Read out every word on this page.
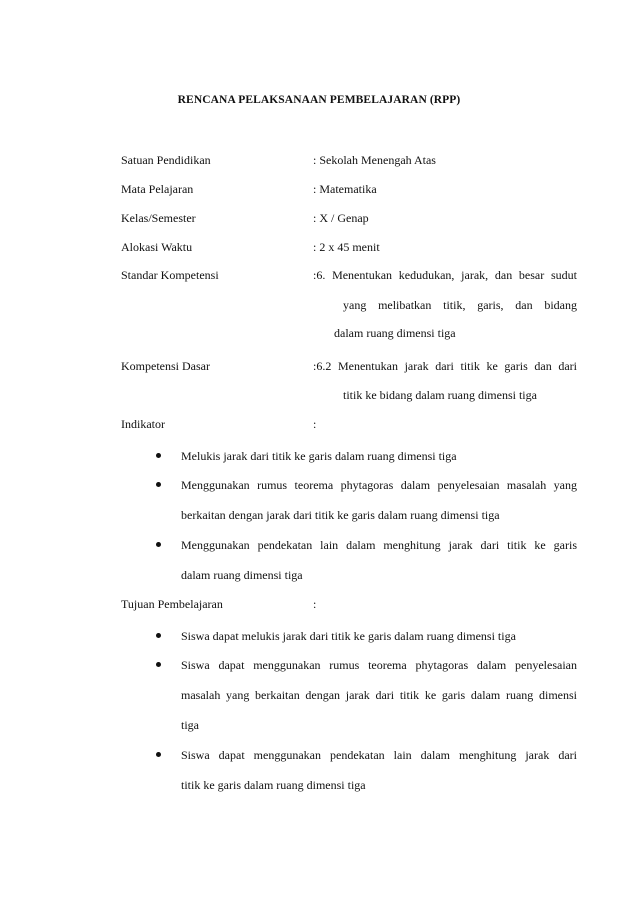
RENCANA PELAKSANAAN PEMBELAJARAN (RPP)
Satuan Pendidikan	: Sekolah Menengah Atas
Mata Pelajaran	: Matematika
Kelas/Semester	: X / Genap
Alokasi Waktu	: 2 x 45 menit
Standar Kompetensi	:6. Menentukan kedudukan, jarak, dan besar sudut
yang melibatkan titik, garis, dan bidang
dalam ruang dimensi tiga
Kompetensi Dasar	:6.2 Menentukan jarak dari titik ke garis dan dari
titik ke bidang dalam ruang dimensi tiga
Indikator	:
Melukis jarak dari titik ke garis dalam ruang dimensi tiga
Menggunakan rumus teorema phytagoras dalam penyelesaian masalah yang
berkaitan dengan jarak dari titik ke garis dalam ruang dimensi tiga
Menggunakan pendekatan lain dalam menghitung jarak dari titik ke garis
dalam ruang dimensi tiga
Tujuan Pembelajaran	:
Siswa dapat melukis jarak dari titik ke garis dalam ruang dimensi tiga
Siswa dapat menggunakan rumus teorema phytagoras dalam penyelesaian
masalah yang berkaitan dengan jarak dari titik ke garis dalam ruang dimensi
tiga
Siswa dapat menggunakan pendekatan lain dalam menghitung jarak dari
titik ke garis dalam ruang dimensi tiga
